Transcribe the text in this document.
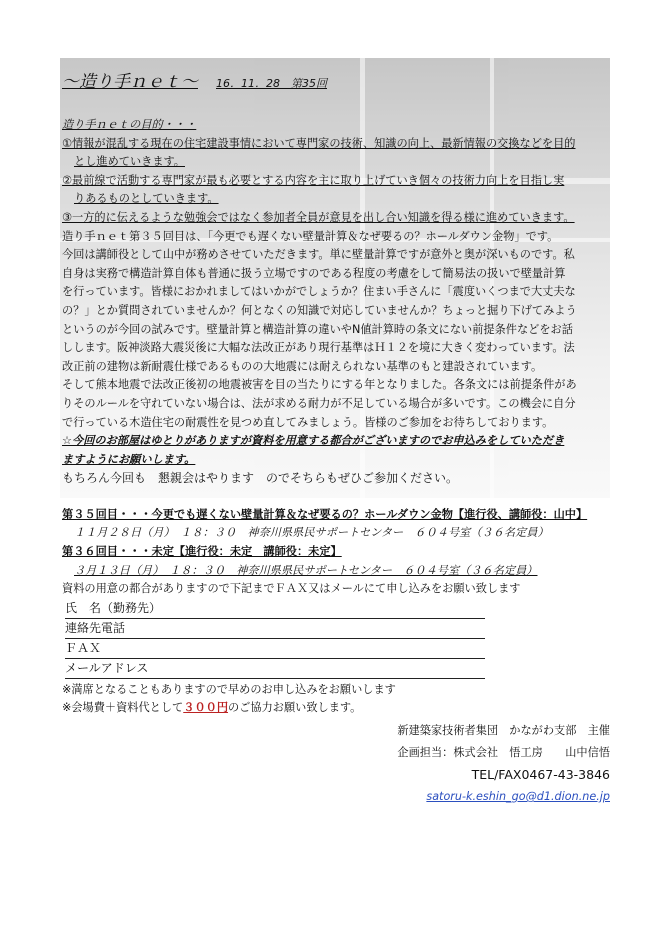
～造り手ｎｅｔ～ 16．11．28　第35回

造り手ｎｅｔの目的・・・

①情報が混乱する現在の住宅建設事情において専門家の技術、知識の向上、最新情報の交換などを目的

とし進めていきます。

②最前線で活動する専門家が最も必要とする内容を主に取り上げていき個々の技術力向上を目指し実

りあるものとしていきます。

③一方的に伝えるような勉強会ではなく参加者全員が意見を出し合い知識を得る様に進めていきます。

造り手ｎｅｔ第３５回目は、「今更でも遅くない壁量計算＆なぜ要るの？ホールダウン金物」です。

今回は講師役として山中が務めさせていただきます。単に壁量計算ですが意外と奥が深いものです。私

自身は実務で構造計算自体も普通に扱う立場ですのである程度の考慮をして簡易法の扱いで壁量計算

を行っています。皆様におかれましてはいかがでしょうか？住まい手さんに「震度いくつまで大丈夫な

の？」とか質問されていませんか？何となくの知識で対応していませんか？ちょっと掘り下げてみよう

というのが今回の試みです。壁量計算と構造計算の違いやN値計算時の条文にない前提条件などをお話

しします。阪神淡路大震災後に大幅な法改正があり現行基準はＨ１２を境に大きく変わっています。法

改正前の建物は新耐震仕様であるものの大地震には耐えられない基準のもと建設されています。

そして熊本地震で法改正後初の地震被害を目の当たりにする年となりました。各条文には前提条件があ

りそのルールを守れていない場合は、法が求める耐力が不足している場合が多いです。この機会に自分

で行っている木造住宅の耐震性を見つめ直してみましょう。皆様のご参加をお待ちしております。

☆今回のお部屋はゆとりがありますが資料を用意する都合がございますのでお申込みをしていただき

ますようにお願いします。

もちろん今回も　懇親会はやります　のでそちらもぜひご参加ください。

第３５回目・・・今更でも遅くない壁量計算＆なぜ要るの？ホールダウン金物【進行役、講師役：山中】

１１月２８日（月）　１８：３０　神奈川県県民サポートセンター　６０４号室（３６名定員）

第３６回目・・・未定【進行役：未定　講師役：未定】

３月１３日（月）　１８：３０　神奈川県県民サポートセンター　６０４号室（３６名定員）

資料の用意の都合がありますので下記までＦＡＸ又はメールにて申し込みをお願い致します

氏　名（勤務先）
連絡先電話
ＦＡＸ
メールアドレス

※満席となることもありますので早めのお申し込みをお願いします

※会場費＋資料代として３００円のご協力お願い致します。

新建築家技術者集団　かながわ支部　主催
企画担当：株式会社　悟工房　　山中信悟
TEL/FAX0467-43-3846
satoru-k.eshin_go@d1.dion.ne.jp
